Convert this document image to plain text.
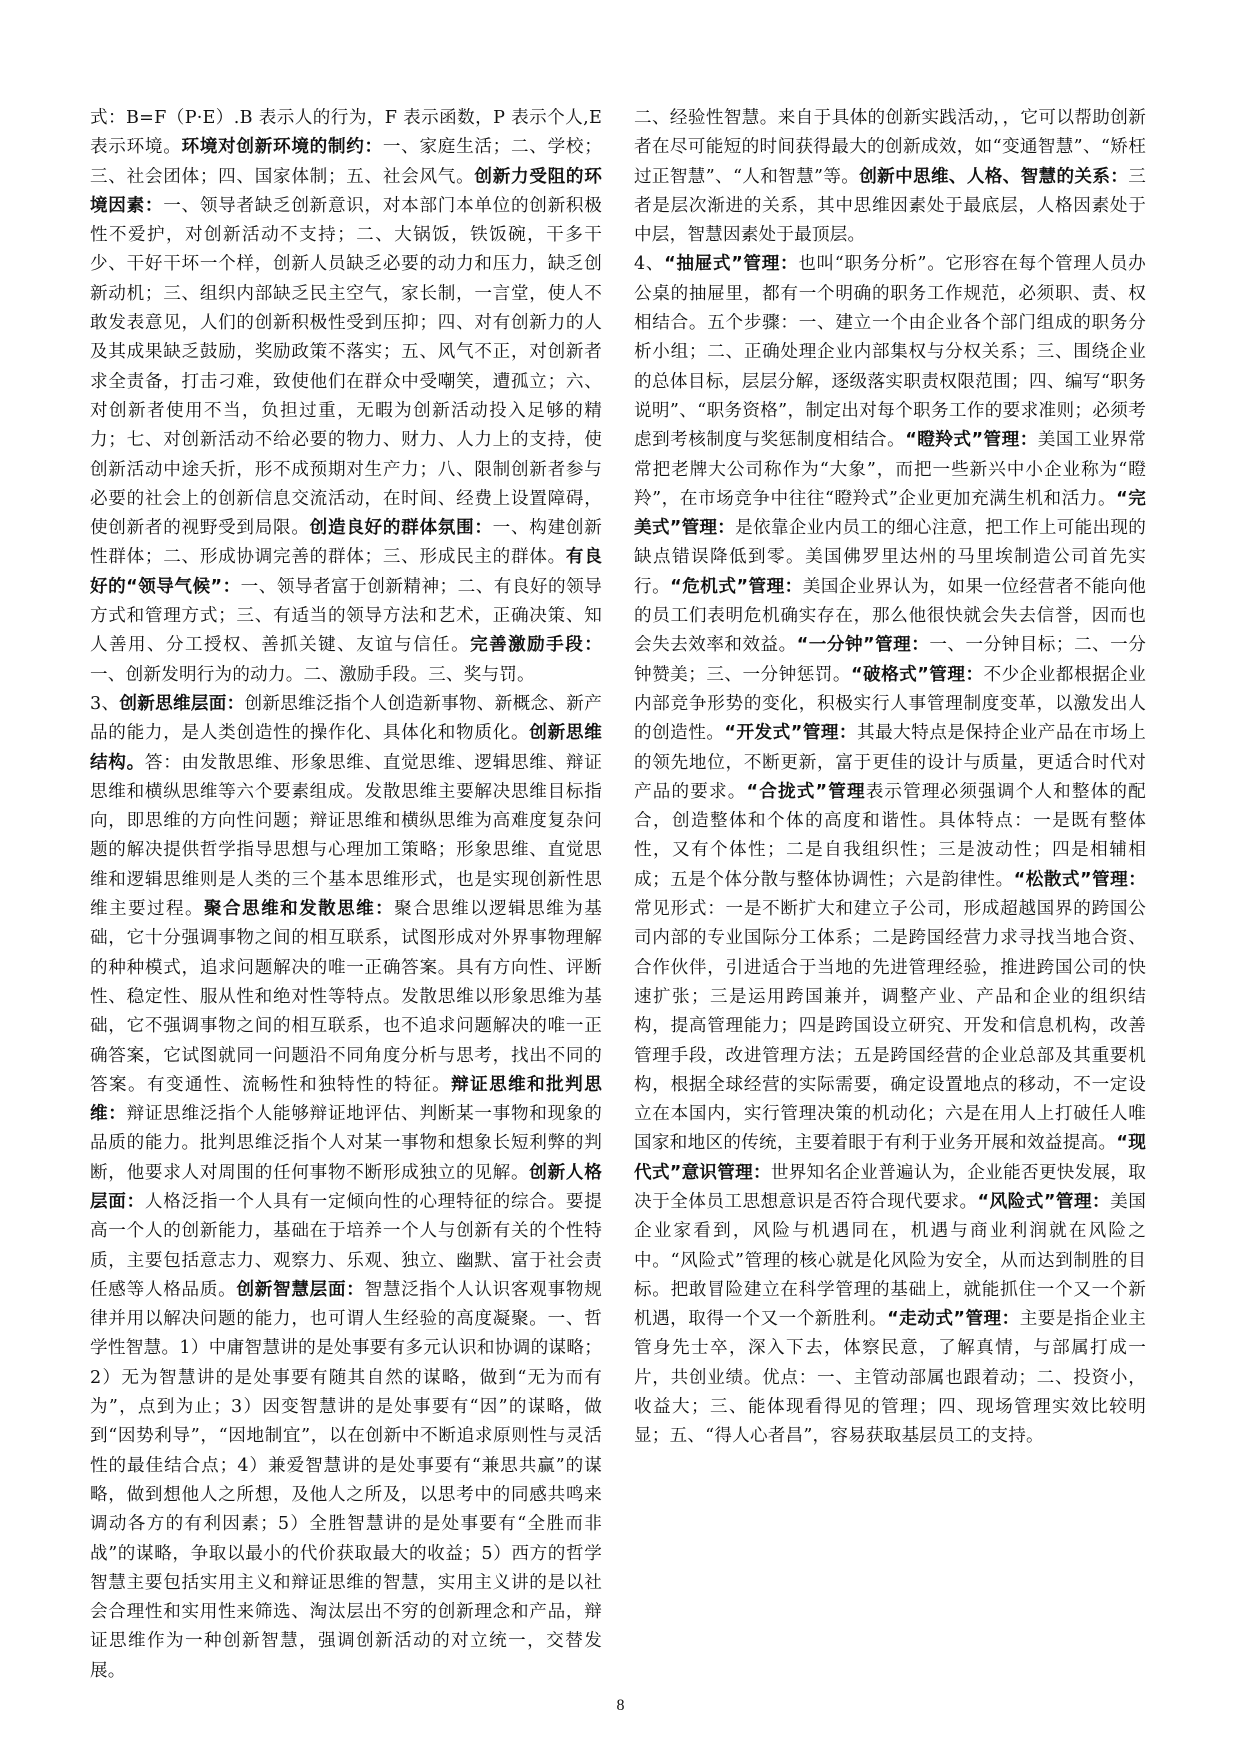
式：B=F（P·E）.B 表示人的行为，F 表示函数，P 表示个人,E 表示环境。环境对创新环境的制约：一、家庭生活；二、学校；三、社会团体；四、国家体制；五、社会风气。创新力受阻的环境因素：一、领导者缺乏创新意识，对本部门本单位的创新积极性不爱护，对创新活动不支持；二、大锅饭，铁饭碗，干多干少、干好干坏一个样，创新人员缺乏必要的动力和压力，缺乏创新动机；三、组织内部缺乏民主空气，家长制，一言堂，使人不敢发表意见，人们的创新积极性受到压抑；四、对有创新力的人及其成果缺乏鼓励，奖励政策不落实；五、风气不正，对创新者求全责备，打击刁难，致使他们在群众中受嘲笑，遭孤立；六、对创新者使用不当，负担过重，无暇为创新活动投入足够的精力；七、对创新活动不给必要的物力、财力、人力上的支持，使创新活动中途夭折，形不成预期对生产力；八、限制创新者参与必要的社会上的创新信息交流活动，在时间、经费上设置障碍，使创新者的视野受到局限。创造良好的群体氛围：一、构建创新性群体；二、形成协调完善的群体；三、形成民主的群体。有良好的“领导气候”：一、领导者富于创新精神；二、有良好的领导方式和管理方式；三、有适当的领导方法和艺术，正确决策、知人善用、分工授权、善抓关键、友谊与信任。完善激励手段：一、创新发明行为的动力。二、激励手段。三、奖与罚。

3、创新思维层面：创新思维泛指个人创造新事物、新概念、新产品的能力，是人类创造性的操作化、具体化和物质化。创新思维结构。答：由发散思维、形象思维、直觉思维、逻辑思维、辩证思维和横纵思维等六个要素组成。发散思维主要解决思维目标指向，即思维的方向性问题；辩证思维和横纵思维为高难度复杂问题的解决提供哲学指导思想与心理加工策略；形象思维、直觉思维和逻辑思维则是人类的三个基本思维形式，也是实现创新性思维主要过程。聚合思维和发散思维：聚合思维以逻辑思维为基础，它十分强调事物之间的相互联系，试图形成对外界事物理解的种种模式，追求问题解决的唯一正确答案。具有方向性、评断性、稳定性、服从性和绝对性等特点。发散思维以形象思维为基础，它不强调事物之间的相互联系，也不追求问题解决的唯一正确答案，它试图就同一问题沿不同角度分析与思考，找出不同的答案。有变通性、流畅性和独特性的特征。辩证思维和批判思维：辩证思维泛指个人能够辩证地评估、判断某一事物和现象的品质的能力。批判思维泛指个人对某一事物和想象长短利弊的判断，他要求人对周围的任何事物不断形成独立的见解。创新人格层面：人格泛指一个人具有一定倾向性的心理特征的综合。要提高一个人的创新能力，基础在于培养一个人与创新有关的个性特质，主要包括意志力、观察力、乐观、独立、幽默、富于社会责任感等人格品质。创新智慧层面：智慧泛指个人认识客观事物规律并用以解决问题的能力，也可谓人生经验的高度凝聚。一、哲学性智慧。1）中庸智慧讲的是处事要有多元认识和协调的谋略；2）无为智慧讲的是处事要有随其自然的谋略，做到“无为而有为”，点到为止；3）因变智慧讲的是处事要有“因”的谋略，做到“因势利导”，“因地制宜”，以在创新中不断追求原则性与灵活性的最佳结合点；4）兼爱智慧讲的是处事要有“兼思共赢”的谋略，做到想他人之所想，及他人之所及，以思考中的同感共鸣来调动各方的有利因素；5）全胜智慧讲的是处事要有“全胜而非战”的谋略，争取以最小的代价获取最大的收益；5）西方的哲学智慧主要包括实用主义和辩证思维的智慧，实用主义讲的是以社会合理性和实用性来筛选、淘汰层出不穷的创新理念和产品，辩证思维作为一种创新智慧，强调创新活动的对立统一，交替发展。

二、经验性智慧。来自于具体的创新实践活动，，它可以帮助创新者在尽可能短的时间获得最大的创新成效，如“变通智慧”、“矫枉过正智慧”、“人和智慧”等。创新中思维、人格、智慧的关系：三者是层次渐进的关系，其中思维因素处于最底层，人格因素处于中层，智慧因素处于最顶层。

4、“抽屉式”管理：也叫“职务分析”。它形容在每个管理人员办公桌的抽屉里，都有一个明确的职务工作规范，必须职、责、权相结合。五个步骤：一、建立一个由企业各个部门组成的职务分析小组；二、正确处理企业内部集权与分权关系；三、围绕企业的总体目标，层层分解，逐级落实职责权限范围；四、编写“职务说明”、“职务资格”，制定出对每个职务工作的要求准则；必须考虑到考核制度与奖惩制度相结合。“瞪羚式”管理：美国工业界常常把老牌大公司称作为“大象”，而把一些新兴中小企业称为“瞪羚”，在市场竞争中往往“瞪羚式”企业更加充满生机和活力。“完美式”管理：是依靠企业内员工的细心注意，把工作上可能出现的缺点错误降低到零。美国佛罗里达州的马里埃制造公司首先实行。“危机式”管理：美国企业界认为，如果一位经营者不能向他的员工们表明危机确实存在，那么他很快就会失去信誉，因而也会失去效率和效益。“一分钟”管理：一、一分钟目标；二、一分钟赞美；三、一分钟惩罚。“破格式”管理：不少企业都根据企业内部竞争形势的变化，积极实行人事管理制度变革，以激发出人的创造性。“开发式”管理：其最大特点是保持企业产品在市场上的领先地位，不断更新，富于更佳的设计与质量，更适合时代对产品的要求。“合拢式”管理表示管理必须强调个人和整体的配合，创造整体和个体的高度和谐性。具体特点：一是既有整体性，又有个体性；二是自我组织性；三是波动性；四是相辅相成；五是个体分散与整体协调性；六是韵律性。“松散式”管理：常见形式：一是不断扩大和建立子公司，形成超越国界的跨国公司内部的专业国际分工体系；二是跨国经营力求寻找当地合资、合作伙伴，引进适合于当地的先进管理经验，推进跨国公司的快速扩张；三是运用跨国兼并，调整产业、产品和企业的组织结构，提高管理能力；四是跨国设立研究、开发和信息机构，改善管理手段，改进管理方法；五是跨国经营的企业总部及其重要机构，根据全球经营的实际需要，确定设置地点的移动，不一定设立在本国内，实行管理决策的机动化；六是在用人上打破任人唯国家和地区的传统，主要着眼于有利于业务开展和效益提高。“现代式”意识管理：世界知名企业普遍认为，企业能否更快发展，取决于全体员工思想意识是否符合现代要求。“风险式”管理：美国企业家看到，风险与机遇同在，机遇与商业利润就在风险之中。“风险式”管理的核心就是化风险为安全，从而达到制胜的目标。把敢冒险建立在科学管理的基础上，就能抓住一个又一个新机遇，取得一个又一个新胜利。“走动式”管理：主要是指企业主管身先士卒，深入下去，体察民意，了解真情，与部属打成一片，共创业绩。优点：一、主管动部属也跟着动；二、投资小，收益大；三、能体现看得见的管理；四、现场管理实效比较明显；五、“得人心者昌”，容易获取基层员工的支持。

8
